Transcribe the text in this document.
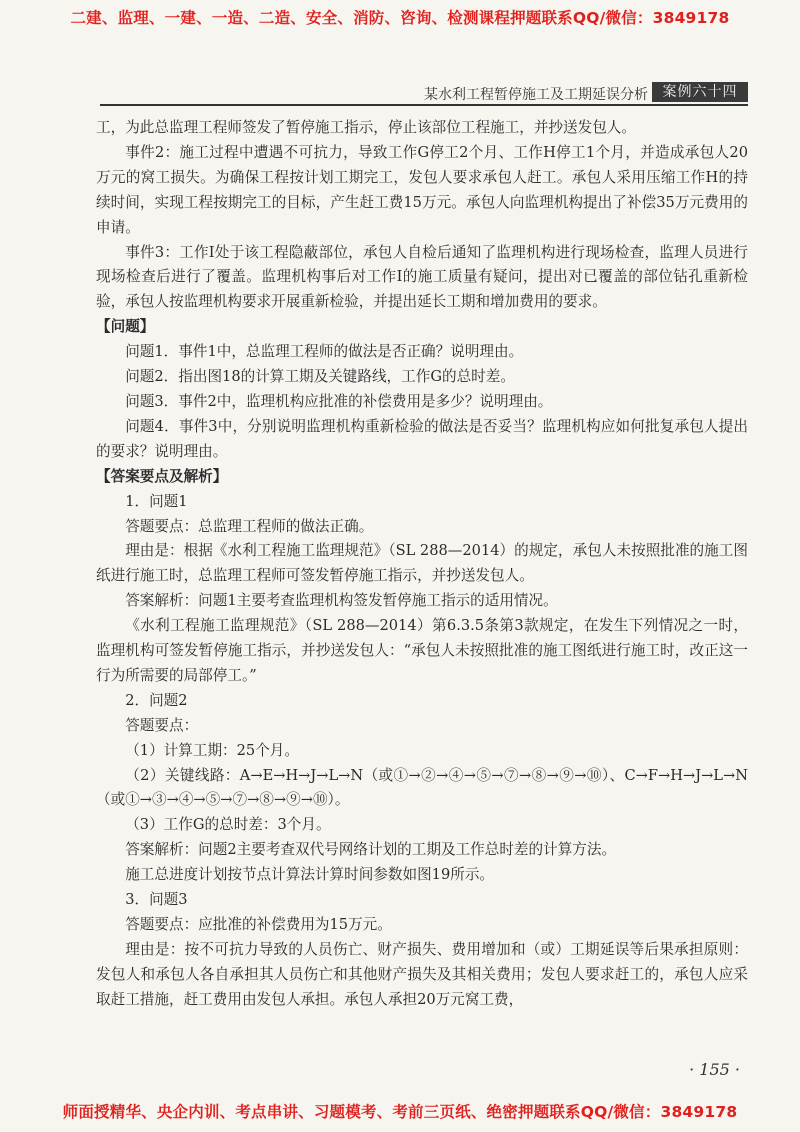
二建、监理、一建、一造、二造、安全、消防、咨询、检测课程押题联系QQ/微信：3849178
某水利工程暂停施工及工期延误分析	案例六十四

工，为此总监理工程师签发了暂停施工指示，停止该部位工程施工，并抄送发包人。

事件2：施工过程中遭遇不可抗力，导致工作G停工2个月、工作H停工1个月，并造成承包人20万元的窝工损失。为确保工程按计划工期完工，发包人要求承包人赶工。承包人采用压缩工作H的持续时间，实现工程按期完工的目标，产生赶工费15万元。承包人向监理机构提出了补偿35万元费用的申请。

事件3：工作I处于该工程隐蔽部位，承包人自检后通知了监理机构进行现场检查，监理人员进行现场检查后进行了覆盖。监理机构事后对工作I的施工质量有疑问，提出对已覆盖的部位钻孔重新检验，承包人按监理机构要求开展重新检验，并提出延长工期和增加费用的要求。

【问题】

问题1．事件1中，总监理工程师的做法是否正确？说明理由。

问题2．指出图18的计算工期及关键路线，工作G的总时差。

问题3．事件2中，监理机构应批准的补偿费用是多少？说明理由。

问题4．事件3中，分别说明监理机构重新检验的做法是否妥当？监理机构应如何批复承包人提出的要求？说明理由。

【答案要点及解析】

1．问题1

答题要点：总监理工程师的做法正确。

理由是：根据《水利工程施工监理规范》（SL 288—2014）的规定，承包人未按照批准的施工图纸进行施工时，总监理工程师可签发暂停施工指示，并抄送发包人。

答案解析：问题1主要考查监理机构签发暂停施工指示的适用情况。

《水利工程施工监理规范》（SL 288—2014）第6.3.5条第3款规定，在发生下列情况之一时，监理机构可签发暂停施工指示，并抄送发包人：“承包人未按照批准的施工图纸进行施工时，改正这一行为所需要的局部停工。”

2．问题2

答题要点：

（1）计算工期：25个月。

（2）关键线路：A→E→H→J→L→N（或①→②→④→⑤→⑦→⑧→⑨→⑩）、C→F→H→J→L→N（或①→③→④→⑤→⑦→⑧→⑨→⑩）。

（3）工作G的总时差：3个月。

答案解析：问题2主要考查双代号网络计划的工期及工作总时差的计算方法。

施工总进度计划按节点计算法计算时间参数如图19所示。

3．问题3

答题要点：应批准的补偿费用为15万元。

理由是：按不可抗力导致的人员伤亡、财产损失、费用增加和（或）工期延误等后果承担原则：发包人和承包人各自承担其人员伤亡和其他财产损失及其相关费用；发包人要求赶工的，承包人应采取赶工措施，赶工费用由发包人承担。承包人承担20万元窝工费，

· 155 ·
师面授精华、央企内训、考点串讲、习题模考、考前三页纸、绝密押题联系QQ/微信：3849178
